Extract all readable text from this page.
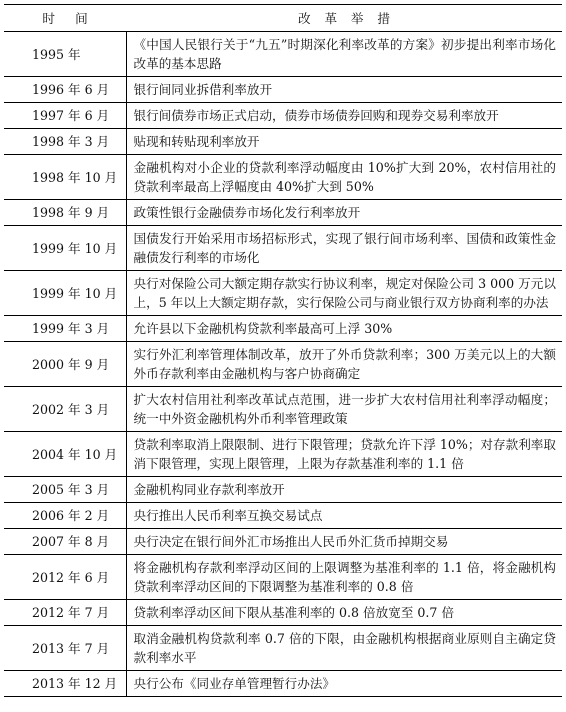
时间	改革举措
1995 年	《中国人民银行关于“九五”时期深化利率改革的方案》初步提出利率市场化改革的基本思路
1996 年 6 月	银行间同业拆借利率放开
1997 年 6 月	银行间债券市场正式启动，债券市场债券回购和现券交易利率放开
1998 年 3 月	贴现和转贴现利率放开
1998 年 10 月	金融机构对小企业的贷款利率浮动幅度由 10%扩大到 20%，农村信用社的贷款利率最高上浮幅度由 40%扩大到 50%
1998 年 9 月	政策性银行金融债券市场化发行利率放开
1999 年 10 月	国债发行开始采用市场招标形式，实现了银行间市场利率、国债和政策性金融债发行利率的市场化
1999 年 10 月	央行对保险公司大额定期存款实行协议利率，规定对保险公司 3 000 万元以上，5 年以上大额定期存款，实行保险公司与商业银行双方协商利率的办法
1999 年 3 月	允许县以下金融机构贷款利率最高可上浮 30%
2000 年 9 月	实行外汇利率管理体制改革，放开了外币贷款利率；300 万美元以上的大额外币存款利率由金融机构与客户协商确定
2002 年 3 月	扩大农村信用社利率改革试点范围，进一步扩大农村信用社利率浮动幅度；统一中外资金融机构外币利率管理政策
2004 年 10 月	贷款利率取消上限限制、进行下限管理；贷款允许下浮 10%；对存款利率取消下限管理，实现上限管理，上限为存款基准利率的 1.1 倍
2005 年 3 月	金融机构同业存款利率放开
2006 年 2 月	央行推出人民币利率互换交易试点
2007 年 8 月	央行决定在银行间外汇市场推出人民币外汇货币掉期交易
2012 年 6 月	将金融机构存款利率浮动区间的上限调整为基准利率的 1.1 倍，将金融机构贷款利率浮动区间的下限调整为基准利率的 0.8 倍
2012 年 7 月	贷款利率浮动区间下限从基准利率的 0.8 倍放宽至 0.7 倍
2013 年 7 月	取消金融机构贷款利率 0.7 倍的下限，由金融机构根据商业原则自主确定贷款利率水平
2013 年 12 月	央行公布《同业存单管理暂行办法》
